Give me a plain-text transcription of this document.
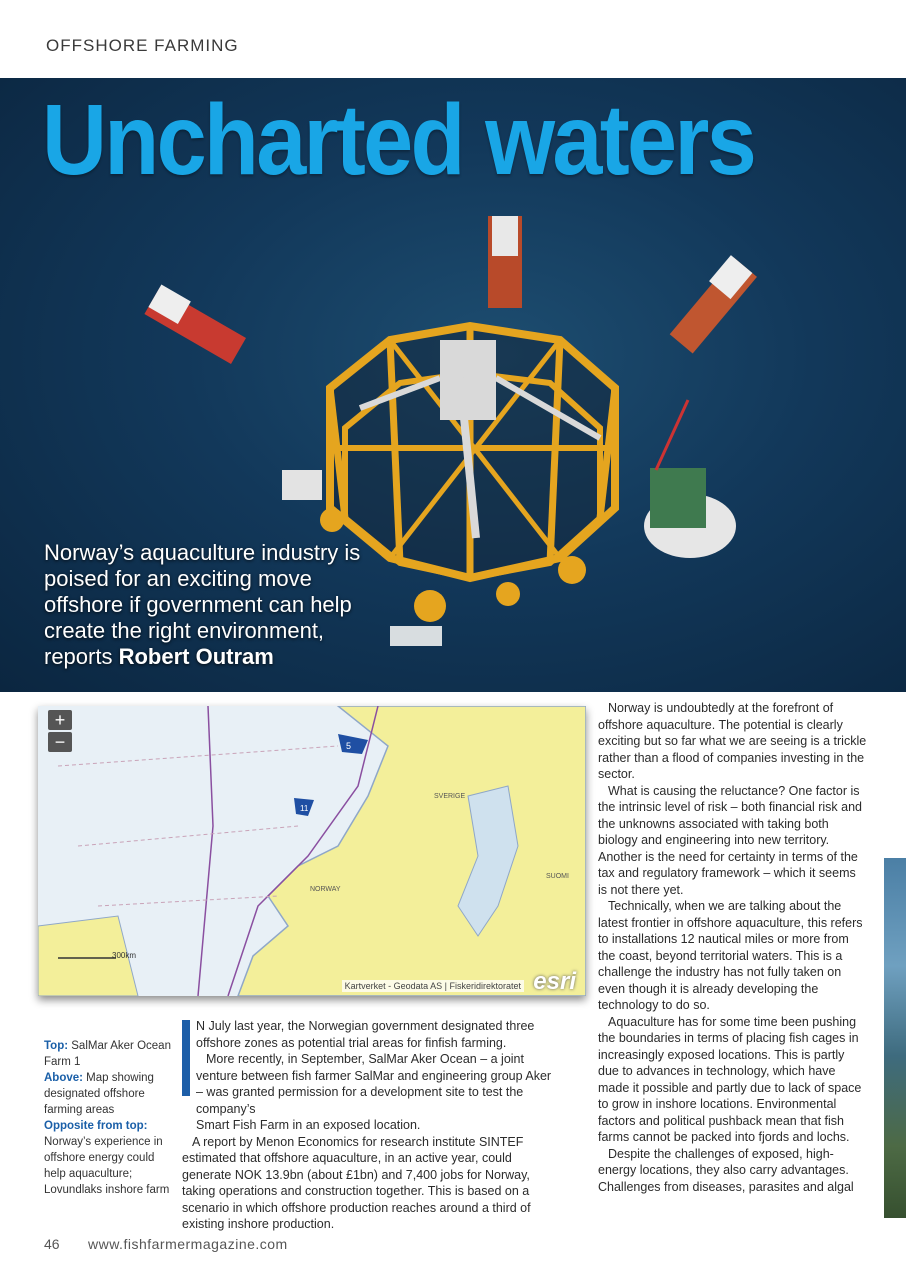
OFFSHORE FARMING
Uncharted waters
Norway’s aquaculture industry is poised for an exciting move offshore if government can help create the right environment, reports Robert Outram
5
11
NORWAY
SVERIGE
SUOMI
300km
+
−
Kartverket - Geodata AS | Fiskeridirektoratet esri

Top: SalMar Aker Ocean Farm 1

Above: Map showing designated offshore farming areas

Opposite from top: Norway’s experience in offshore energy could help aquaculture; Lovundlaks inshore farm

N July last year, the Norwegian government designated three offshore zones as potential trial areas for finfish farming.

More recently, in September, SalMar Aker Ocean – a joint venture between fish farmer SalMar and engineering group Aker – was granted permission for a development site to test the company’s

Smart Fish Farm in an exposed location.

A report by Menon Economics for research institute SINTEF estimated that offshore aquaculture, in an active year, could generate NOK 13.9bn (about £1bn) and 7,400 jobs for Norway, taking operations and construction together. This is based on a scenario in which offshore production reaches around a third of existing inshore production.

Norway is undoubtedly at the forefront of offshore aquaculture. The potential is clearly exciting but so far what we are seeing is a trickle rather than a flood of companies investing in the sector.

What is causing the reluctance? One factor is the intrinsic level of risk – both financial risk and the unknowns associated with taking both biology and engineering into new territory. Another is the need for certainty in terms of the tax and regulatory framework – which it seems is not there yet.

Technically, when we are talking about the latest frontier in offshore aquaculture, this refers to installations 12 nautical miles or more from the coast, beyond territorial waters. This is a challenge the industry has not fully taken on even though it is already developing the technology to do so.

Aquaculture has for some time been pushing the boundaries in terms of placing fish cages in increasingly exposed locations. This is partly due to advances in technology, which have made it possible and partly due to lack of space to grow in inshore locations. Environmental factors and political pushback mean that fish farms cannot be packed into fjords and lochs.

Despite the challenges of exposed, high-energy locations, they also carry advantages. Challenges from diseases, parasites and algal

46 www.fishfarmermagazine.com
